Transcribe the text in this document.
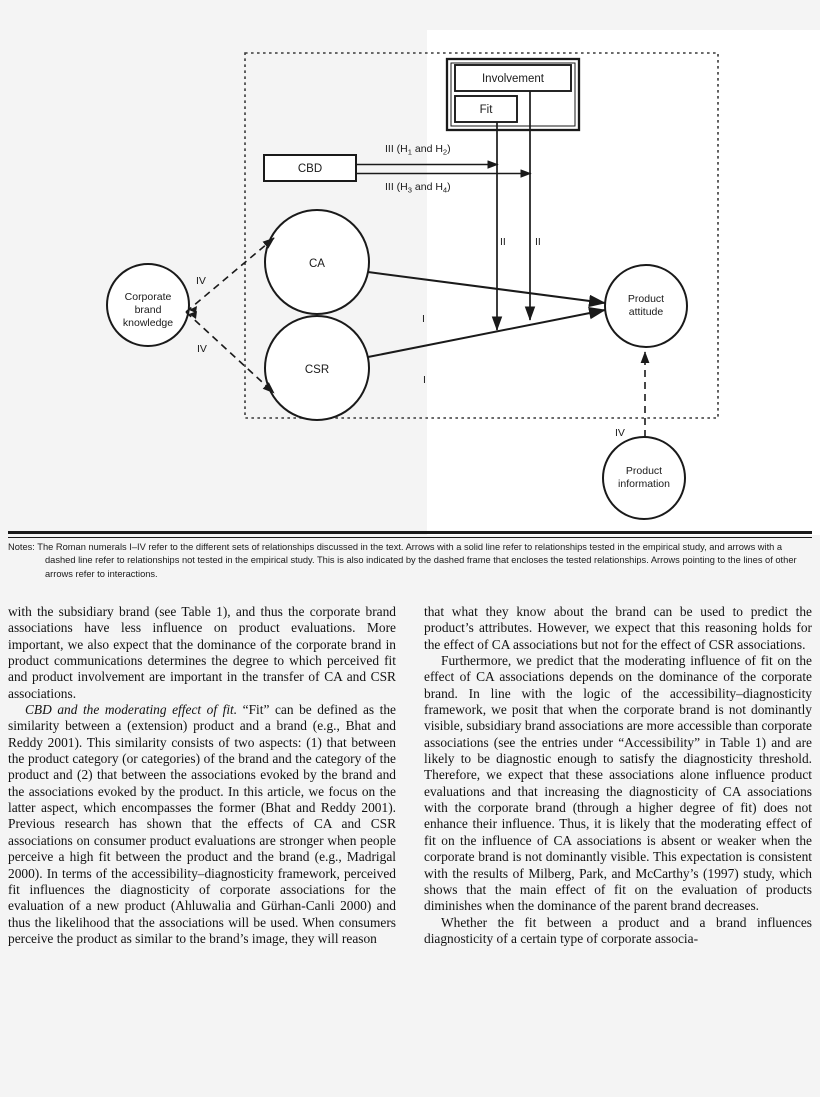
Involvement
Fit
CBD
III ($H_1$ and $H_2$)
III ($H_3$ and $H_4$)
II	II
Corporate
brand
knowledge
CA
CSR
Product
attitude
Product
information
IV
IV
I
I
IV
Notes: The Roman numerals I–IV refer to the different sets of relationships discussed in the text. Arrows with a solid line refer to relationships tested in the empirical study, and arrows with a dashed line refer to relationships not tested in the empirical study. This is also indicated by the dashed frame that encloses the tested relationships. Arrows pointing to the lines of other arrows refer to interactions.

with the subsidiary brand (see Table 1), and thus the corporate brand associations have less influence on product evaluations. More important, we also expect that the dominance of the corporate brand in product communications determines the degree to which perceived fit and product involvement are important in the transfer of CA and CSR associations.

CBD and the moderating effect of fit. “Fit” can be defined as the similarity between a (extension) product and a brand (e.g., Bhat and Reddy 2001). This similarity consists of two aspects: (1) that between the product category (or categories) of the brand and the category of the product and (2) that between the associations evoked by the brand and the associations evoked by the product. In this article, we focus on the latter aspect, which encompasses the former (Bhat and Reddy 2001). Previous research has shown that the effects of CA and CSR associations on consumer product evaluations are stronger when people perceive a high fit between the product and the brand (e.g., Madrigal 2000). In terms of the accessibility–diagnosticity framework, perceived fit influences the diagnosticity of corporate associations for the evaluation of a new product (Ahluwalia and Gürhan-Canli 2000) and thus the likelihood that the associations will be used. When consumers perceive the product as similar to the brand’s image, they will reason

that what they know about the brand can be used to predict the product’s attributes. However, we expect that this reasoning holds for the effect of CA associations but not for the effect of CSR associations.

Furthermore, we predict that the moderating influence of fit on the effect of CA associations depends on the dominance of the corporate brand. In line with the logic of the accessibility–diagnosticity framework, we posit that when the corporate brand is not dominantly visible, subsidiary brand associations are more accessible than corporate associations (see the entries under “Accessibility” in Table 1) and are likely to be diagnostic enough to satisfy the diagnosticity threshold. Therefore, we expect that these associations alone influence product evaluations and that increasing the diagnosticity of CA associations with the corporate brand (through a higher degree of fit) does not enhance their influence. Thus, it is likely that the moderating effect of fit on the influence of CA associations is absent or weaker when the corporate brand is not dominantly visible. This expectation is consistent with the results of Milberg, Park, and McCarthy’s (1997) study, which shows that the main effect of fit on the evaluation of products diminishes when the dominance of the parent brand decreases.

Whether the fit between a product and a brand influences diagnosticity of a certain type of corporate associa-
